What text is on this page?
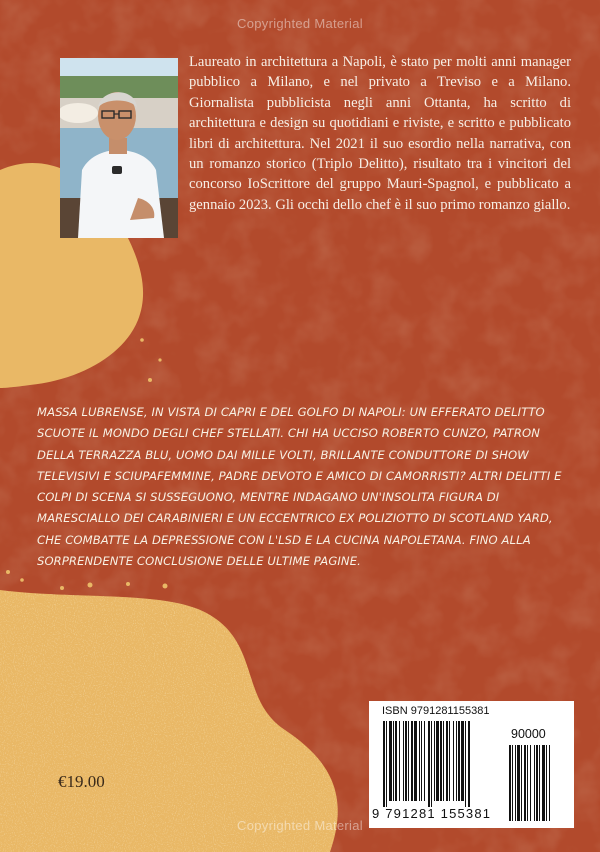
Copyrighted Material

Laureato in architettura a Napoli, è stato per molti anni manager pubblico a Milano, e nel privato a Treviso e a Milano. Giornalista pubblicista negli anni Ottanta, ha scritto di architettura e design su quotidiani e riviste, e scritto e pubblicato libri di architettura. Nel 2021 il suo esordio nella narrativa, con un romanzo storico (Triplo Delitto), risultato tra i vincitori del concorso IoScrittore del gruppo Mauri-Spagnol, e pubblicato a gennaio 2023. Gli occhi dello chef è il suo primo romanzo giallo.

MASSA LUBRENSE, IN VISTA DI CAPRI E DEL GOLFO DI NAPOLI: UN EFFERATO DELITTO SCUOTE IL MONDO DEGLI CHEF STELLATI. CHI HA UCCISO ROBERTO CUNZO, PATRON DELLA TERRAZZA BLU, UOMO DAI MILLE VOLTI, BRILLANTE CONDUTTORE DI SHOW TELEVISIVI E SCIUPAFEMMINE, PADRE DEVOTO E AMICO DI CAMORRISTI? ALTRI DELITTI E COLPI DI SCENA SI SUSSEGUONO, MENTRE INDAGANO UN'INSOLITA FIGURA DI MARESCIALLO DEI CARABINIERI E UN ECCENTRICO EX POLIZIOTTO DI SCOTLAND YARD, CHE COMBATTE LA DEPRESSIONE CON L'LSD E LA CUCINA NAPOLETANA. FINO ALLA SORPRENDENTE CONCLUSIONE DELLE ULTIME PAGINE.

€19.00
ISBN 9791281155381
90000
9 791281 155381
Copyrighted Material
